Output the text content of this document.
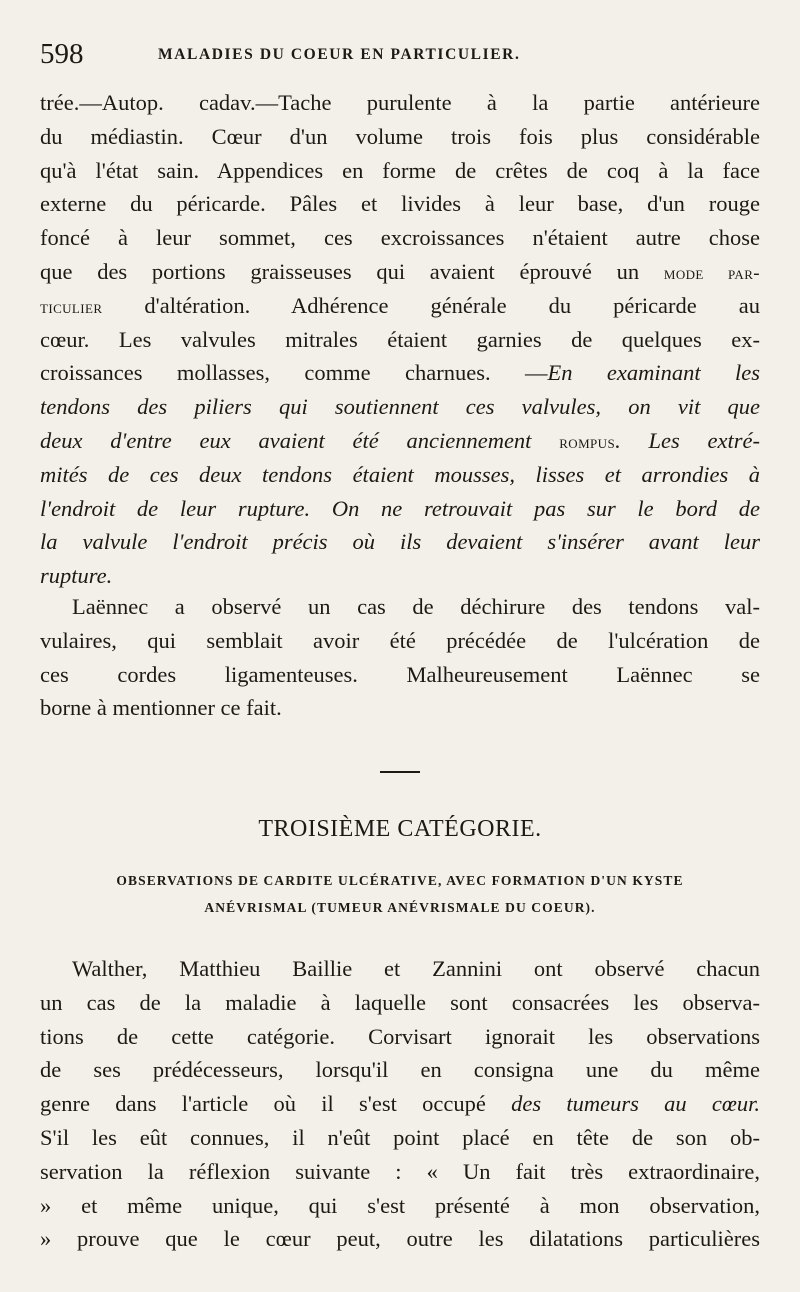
598	MALADIES DU COEUR EN PARTICULIER.
trée.—Autop. cadav.—Tache purulente à la partie antérieure
du médiastin. Cœur d'un volume trois fois plus considérable
qu'à l'état sain. Appendices en forme de crêtes de coq à la face
externe du péricarde. Pâles et livides à leur base, d'un rouge
foncé à leur sommet, ces excroissances n'étaient autre chose
que des portions graisseuses qui avaient éprouvé un mode par-
ticulier d'altération. Adhérence générale du péricarde au
cœur. Les valvules mitrales étaient garnies de quelques ex-
croissances mollasses, comme charnues. —En examinant les
tendons des piliers qui soutiennent ces valvules, on vit que
deux d'entre eux avaient été anciennement rompus. Les extré-
mités de ces deux tendons étaient mousses, lisses et arrondies à
l'endroit de leur rupture. On ne retrouvait pas sur le bord de
la valvule l'endroit précis où ils devaient s'insérer avant leur
rupture.
Laënnec a observé un cas de déchirure des tendons val-
vulaires, qui semblait avoir été précédée de l'ulcération de
ces cordes ligamenteuses. Malheureusement Laënnec se
borne à mentionner ce fait.
TROISIÈME CATÉGORIE.
OBSERVATIONS DE CARDITE ULCÉRATIVE, AVEC FORMATION D'UN KYSTE
ANÉVRISMAL (TUMEUR ANÉVRISMALE DU COEUR).
Walther, Matthieu Baillie et Zannini ont observé chacun
un cas de la maladie à laquelle sont consacrées les observa-
tions de cette catégorie. Corvisart ignorait les observations
de ses prédécesseurs, lorsqu'il en consigna une du même
genre dans l'article où il s'est occupé des tumeurs au cœur.
S'il les eût connues, il n'eût point placé en tête de son ob-
servation la réflexion suivante : « Un fait très extraordinaire,
» et même unique, qui s'est présenté à mon observation,
» prouve que le cœur peut, outre les dilatations particulières
